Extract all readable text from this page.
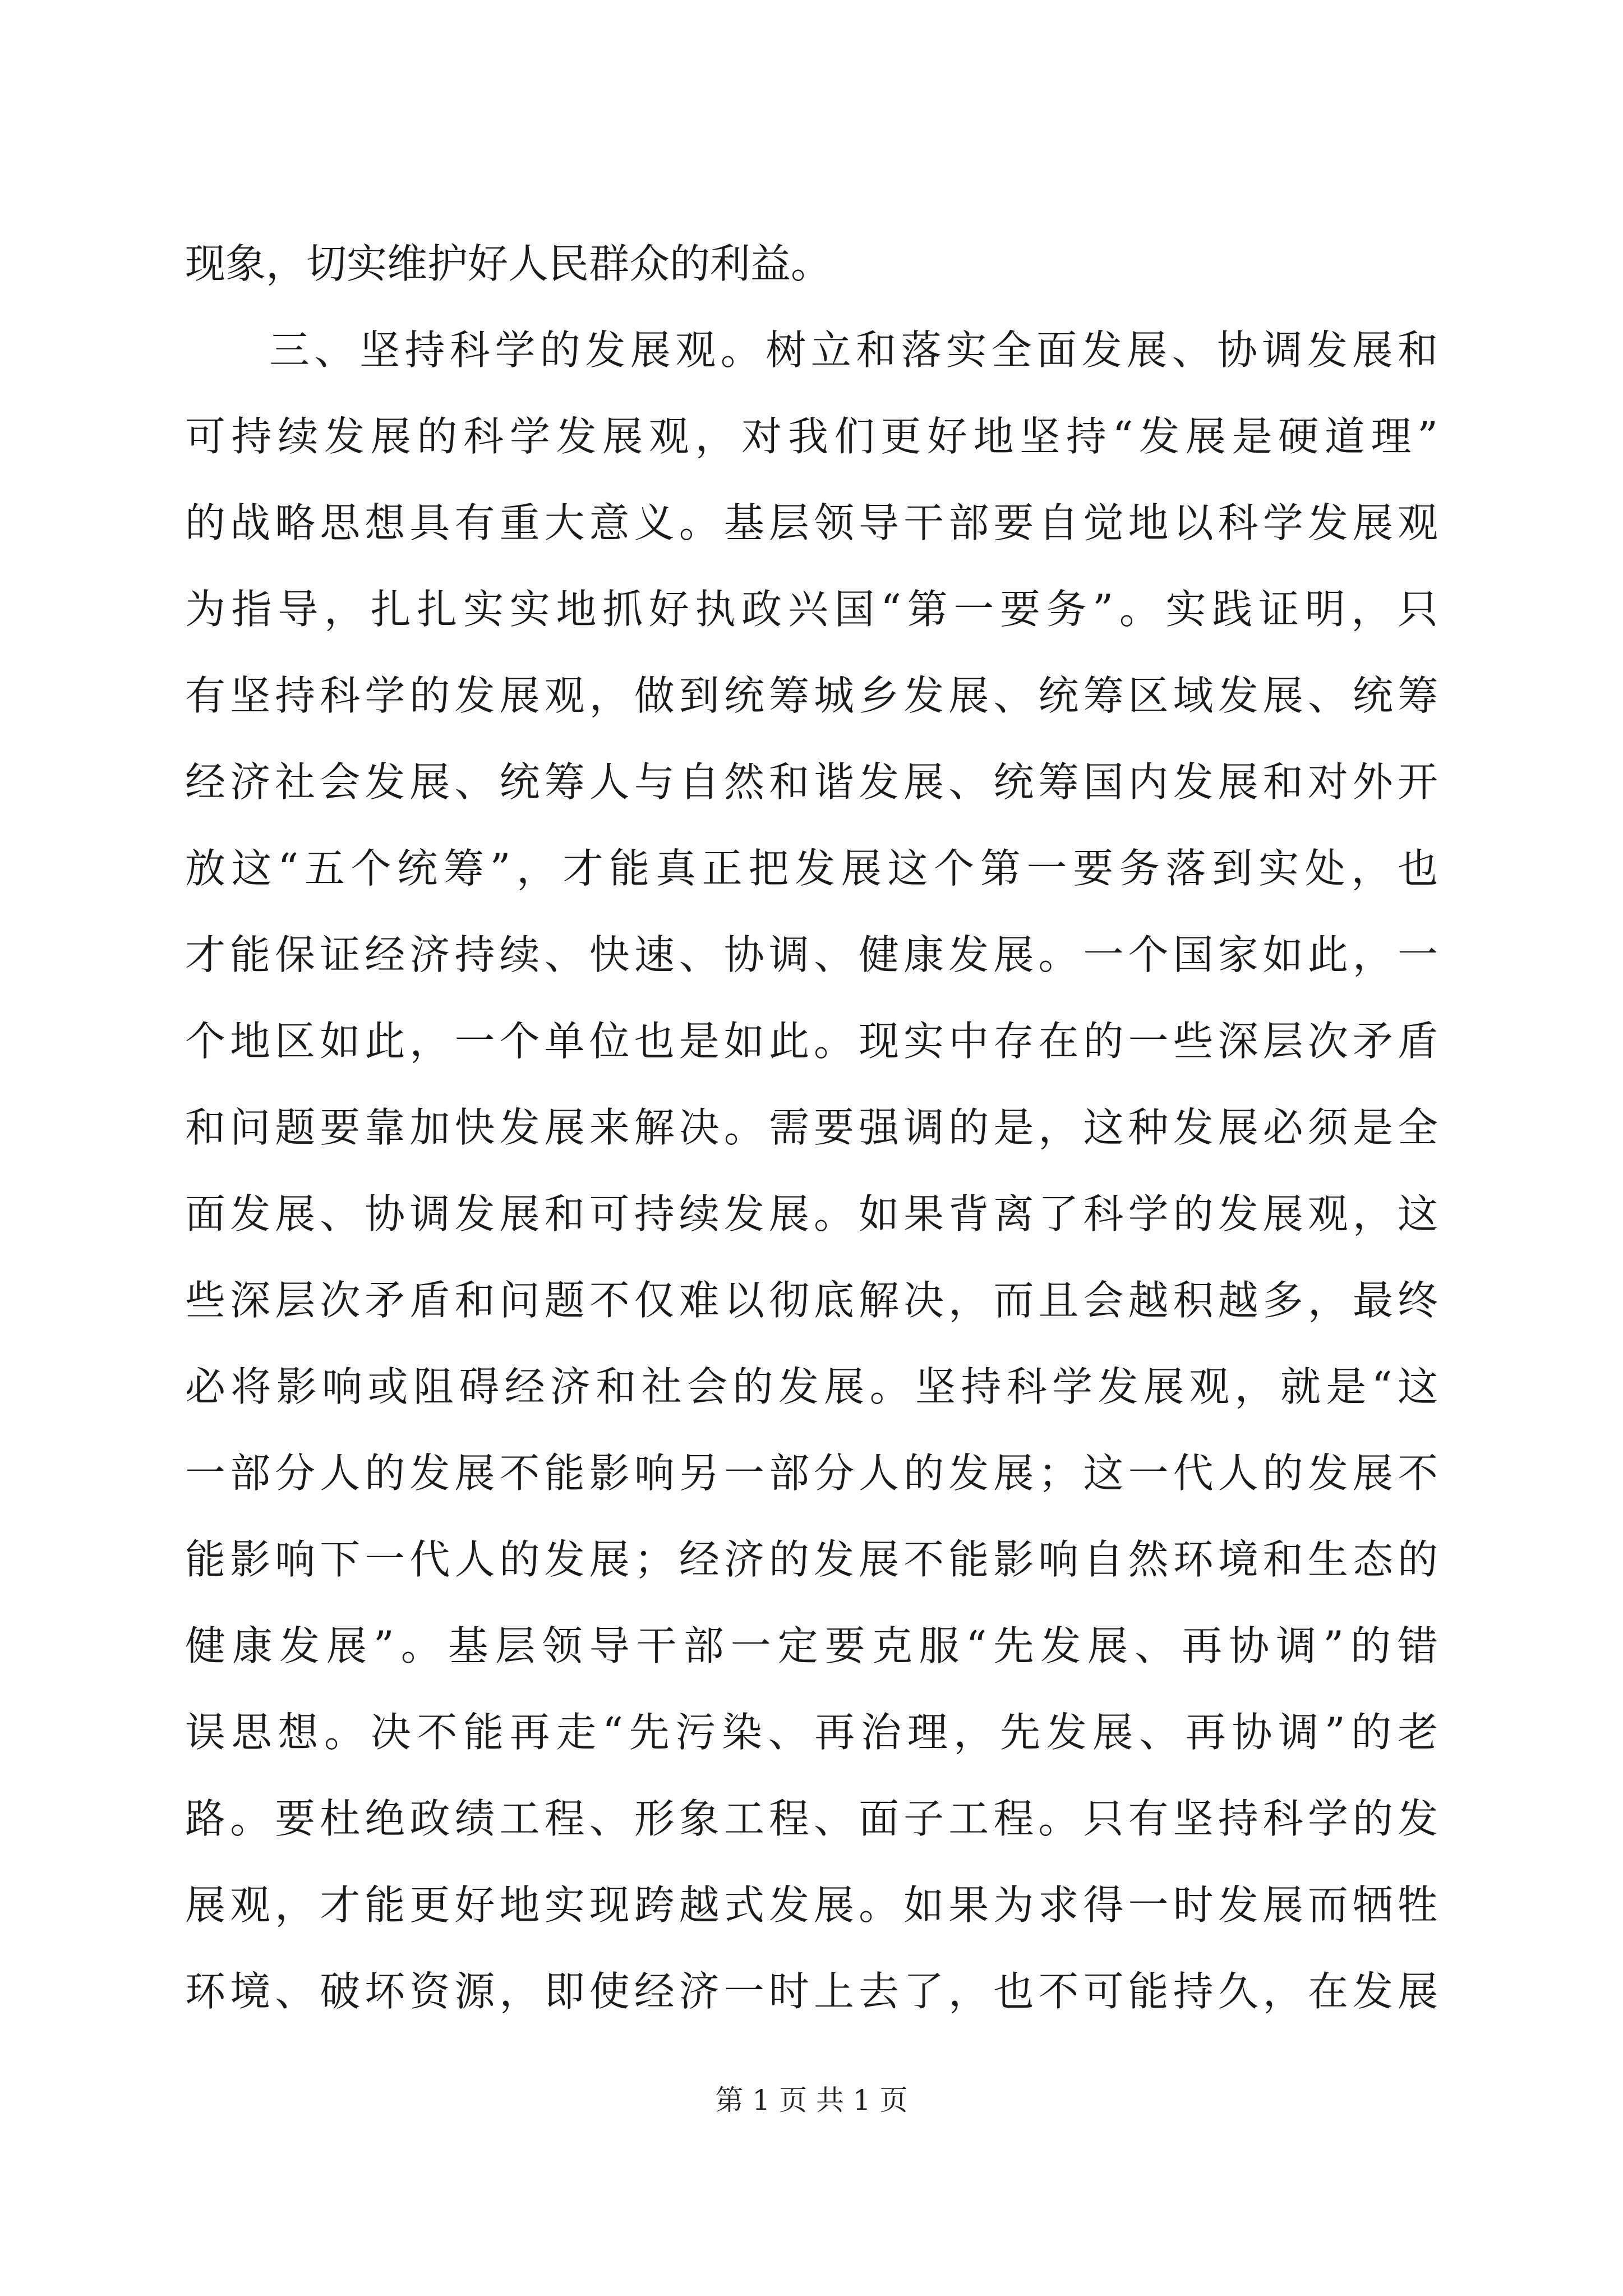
现象，切实维护好人民群众的利益。
三、坚持科学的发展观。树立和落实全面发展、协调发展和
可持续发展的科学发展观，对我们更好地坚持“发展是硬道理”
的战略思想具有重大意义。基层领导干部要自觉地以科学发展观
为指导，扎扎实实地抓好执政兴国“第一要务”。实践证明，只
有坚持科学的发展观，做到统筹城乡发展、统筹区域发展、统筹
经济社会发展、统筹人与自然和谐发展、统筹国内发展和对外开
放这“五个统筹”，才能真正把发展这个第一要务落到实处，也
才能保证经济持续、快速、协调、健康发展。一个国家如此，一
个地区如此，一个单位也是如此。现实中存在的一些深层次矛盾
和问题要靠加快发展来解决。需要强调的是，这种发展必须是全
面发展、协调发展和可持续发展。如果背离了科学的发展观，这
些深层次矛盾和问题不仅难以彻底解决，而且会越积越多，最终
必将影响或阻碍经济和社会的发展。坚持科学发展观，就是“这
一部分人的发展不能影响另一部分人的发展；这一代人的发展不
能影响下一代人的发展；经济的发展不能影响自然环境和生态的
健康发展”。基层领导干部一定要克服“先发展、再协调”的错
误思想。决不能再走“先污染、再治理，先发展、再协调”的老
路。要杜绝政绩工程、形象工程、面子工程。只有坚持科学的发
展观，才能更好地实现跨越式发展。如果为求得一时发展而牺牲
环境、破坏资源，即使经济一时上去了，也不可能持久，在发展
第 1 页 共 1 页
